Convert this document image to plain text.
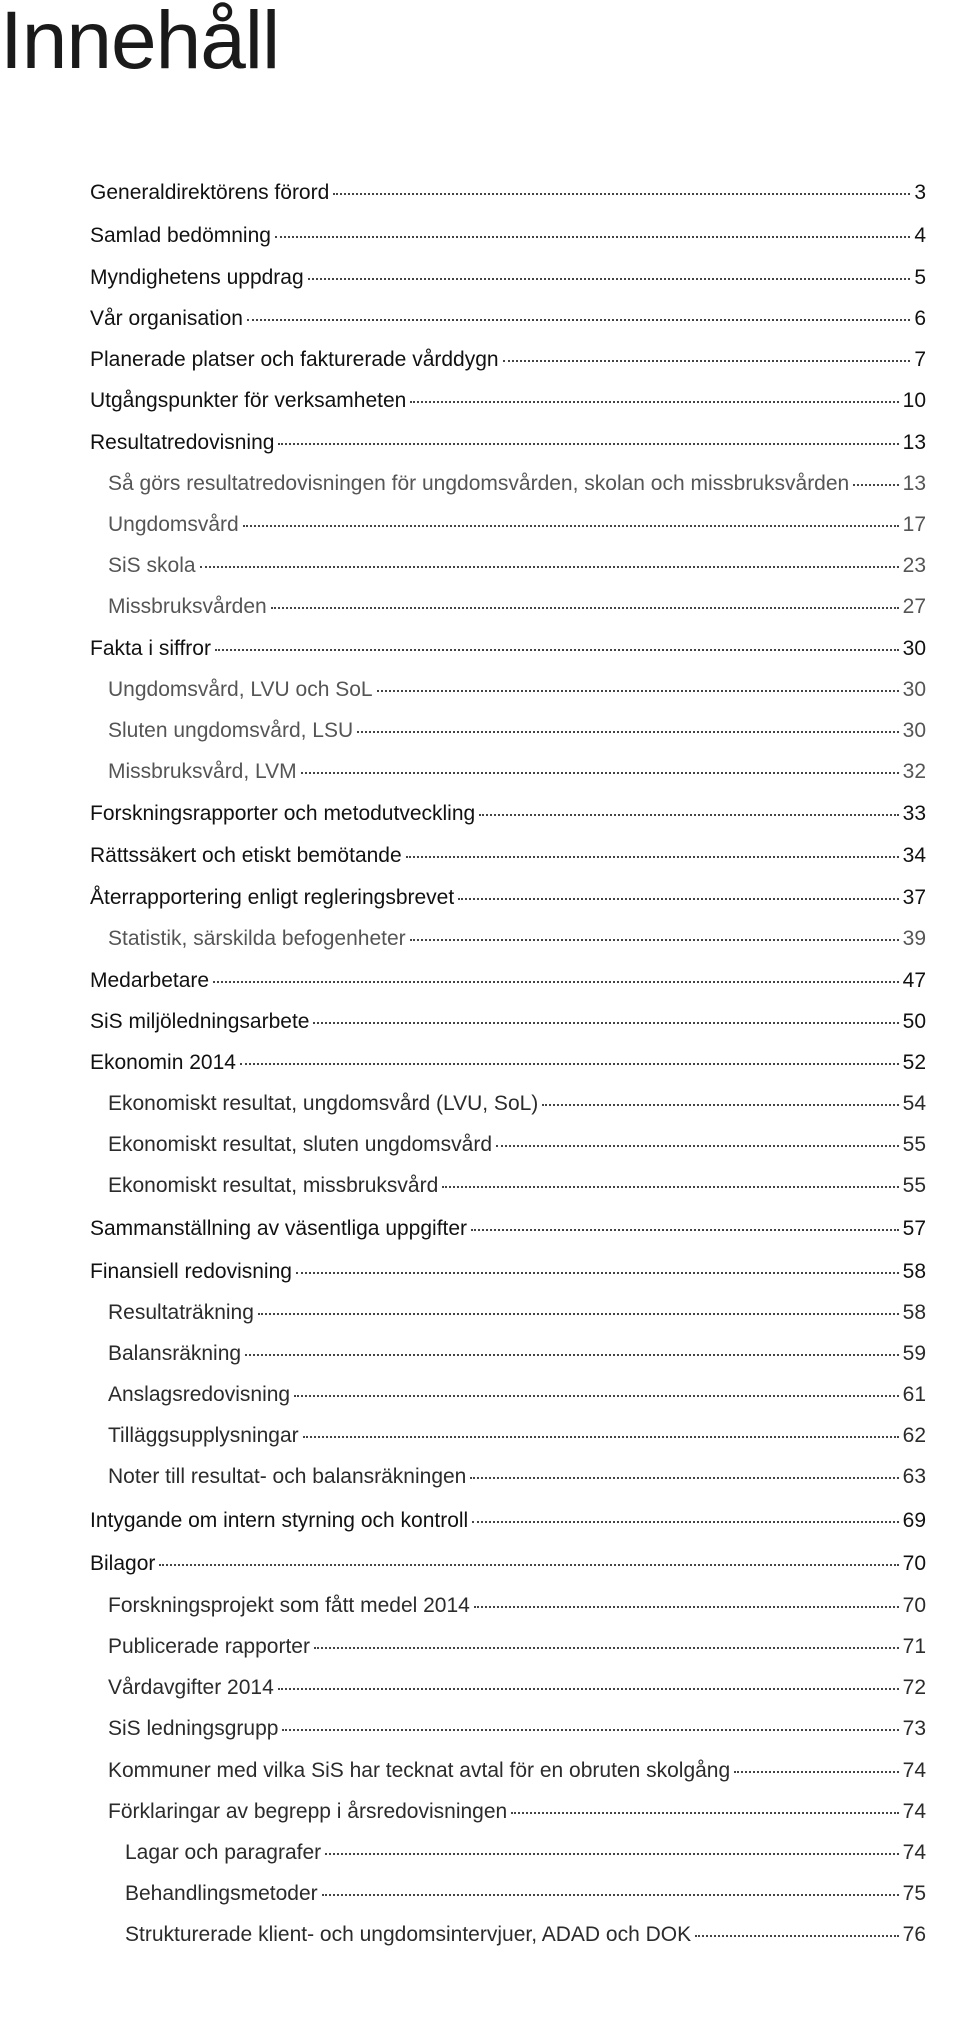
Innehåll
Generaldirektörens förord	3
Samlad bedömning	4
Myndighetens uppdrag	5
Vår organisation	6
Planerade platser och fakturerade vårddygn	7
Utgångspunkter för verksamheten	10
Resultatredovisning	13
Så görs resultatredovisningen för ungdomsvården, skolan och missbruksvården	13
Ungdomsvård	17
SiS skola	23
Missbruksvården	27
Fakta i siffror	30
Ungdomsvård, LVU och SoL	30
Sluten ungdomsvård, LSU	30
Missbruksvård, LVM	32
Forskningsrapporter och metodutveckling	33
Rättssäkert och etiskt bemötande	34
Återrapportering enligt regleringsbrevet	37
Statistik, särskilda befogenheter	39
Medarbetare	47
SiS miljöledningsarbete	50
Ekonomin 2014	52
Ekonomiskt resultat, ungdomsvård (LVU, SoL)	54
Ekonomiskt resultat, sluten ungdomsvård	55
Ekonomiskt resultat, missbruksvård	55
Sammanställning av väsentliga uppgifter	57
Finansiell redovisning	58
Resultaträkning	58
Balansräkning	59
Anslagsredovisning	61
Tilläggsupplysningar	62
Noter till resultat- och balansräkningen	63
Intygande om intern styrning och kontroll	69
Bilagor	70
Forskningsprojekt som fått medel 2014	70
Publicerade rapporter	71
Vårdavgifter 2014	72
SiS ledningsgrupp	73
Kommuner med vilka SiS har tecknat avtal för en obruten skolgång	74
Förklaringar av begrepp i årsredovisningen	74
Lagar och paragrafer	74
Behandlingsmetoder	75
Strukturerade klient- och ungdomsintervjuer, ADAD och DOK	76
